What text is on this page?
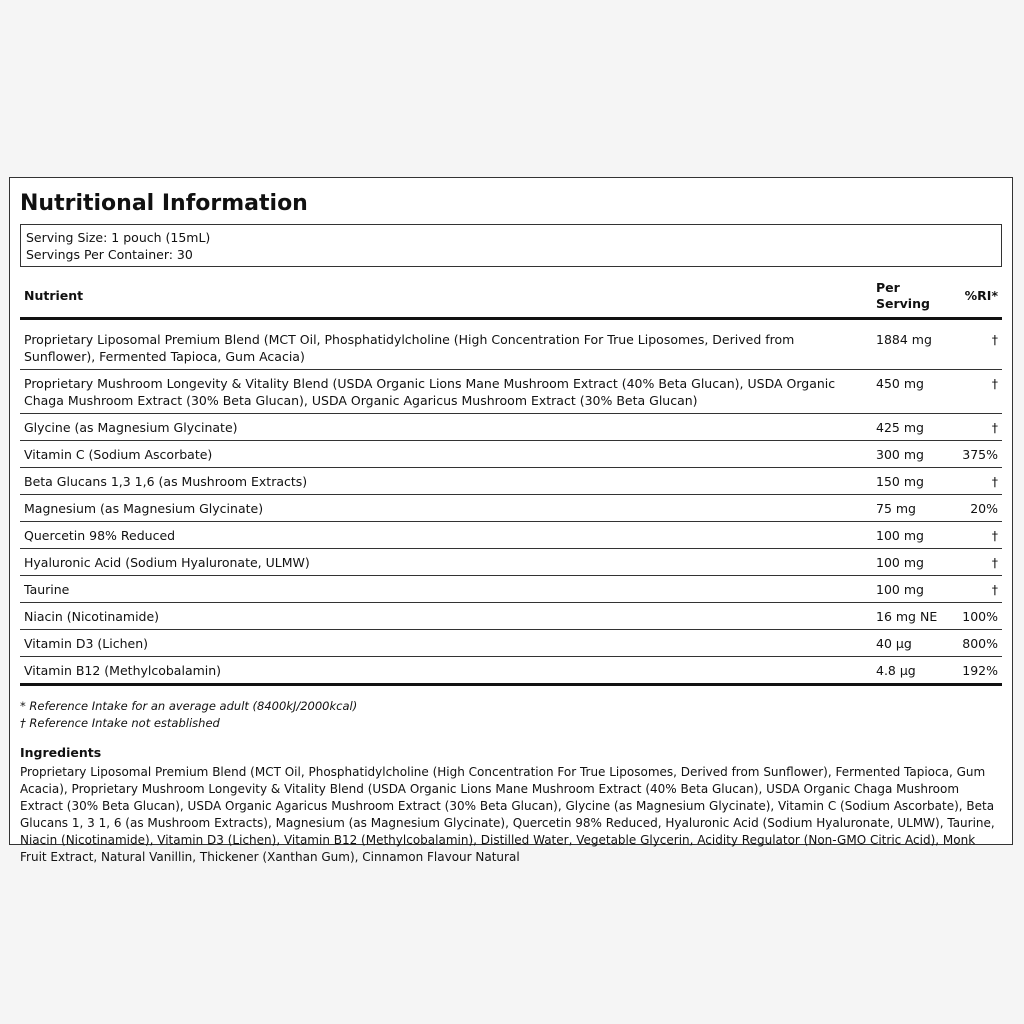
Nutritional Information
Serving Size: 1 pouch (15mL)
Servings Per Container: 30
Nutrient	Per Serving	%RI*
Proprietary Liposomal Premium Blend (MCT Oil, Phosphatidylcholine (High Concentration For True Liposomes, Derived from Sunflower), Fermented Tapioca, Gum Acacia)	1884 mg	†
Proprietary Mushroom Longevity & Vitality Blend (USDA Organic Lions Mane Mushroom Extract (40% Beta Glucan), USDA Organic Chaga Mushroom Extract (30% Beta Glucan), USDA Organic Agaricus Mushroom Extract (30% Beta Glucan)	450 mg	†
Glycine (as Magnesium Glycinate)	425 mg	†
Vitamin C (Sodium Ascorbate)	300 mg	375%
Beta Glucans 1,3 1,6 (as Mushroom Extracts)	150 mg	†
Magnesium (as Magnesium Glycinate)	75 mg	20%
Quercetin 98% Reduced	100 mg	†
Hyaluronic Acid (Sodium Hyaluronate, ULMW)	100 mg	†
Taurine	100 mg	†
Niacin (Nicotinamide)	16 mg NE	100%
Vitamin D3 (Lichen)	40 µg	800%
Vitamin B12 (Methylcobalamin)	4.8 µg	192%
* Reference Intake for an average adult (8400kJ/2000kcal)
† Reference Intake not established
Ingredients
Proprietary Liposomal Premium Blend (MCT Oil, Phosphatidylcholine (High Concentration For True Liposomes, Derived from Sunflower), Fermented Tapioca, Gum Acacia), Proprietary Mushroom Longevity & Vitality Blend (USDA Organic Lions Mane Mushroom Extract (40% Beta Glucan), USDA Organic Chaga Mushroom Extract (30% Beta Glucan), USDA Organic Agaricus Mushroom Extract (30% Beta Glucan), Glycine (as Magnesium Glycinate), Vitamin C (Sodium Ascorbate), Beta Glucans 1, 3 1, 6 (as Mushroom Extracts), Magnesium (as Magnesium Glycinate), Quercetin 98% Reduced, Hyaluronic Acid (Sodium Hyaluronate, ULMW), Taurine, Niacin (Nicotinamide), Vitamin D3 (Lichen), Vitamin B12 (Methylcobalamin), Distilled Water, Vegetable Glycerin, Acidity Regulator (Non-GMO Citric Acid), Monk Fruit Extract, Natural Vanillin, Thickener (Xanthan Gum), Cinnamon Flavour Natural
